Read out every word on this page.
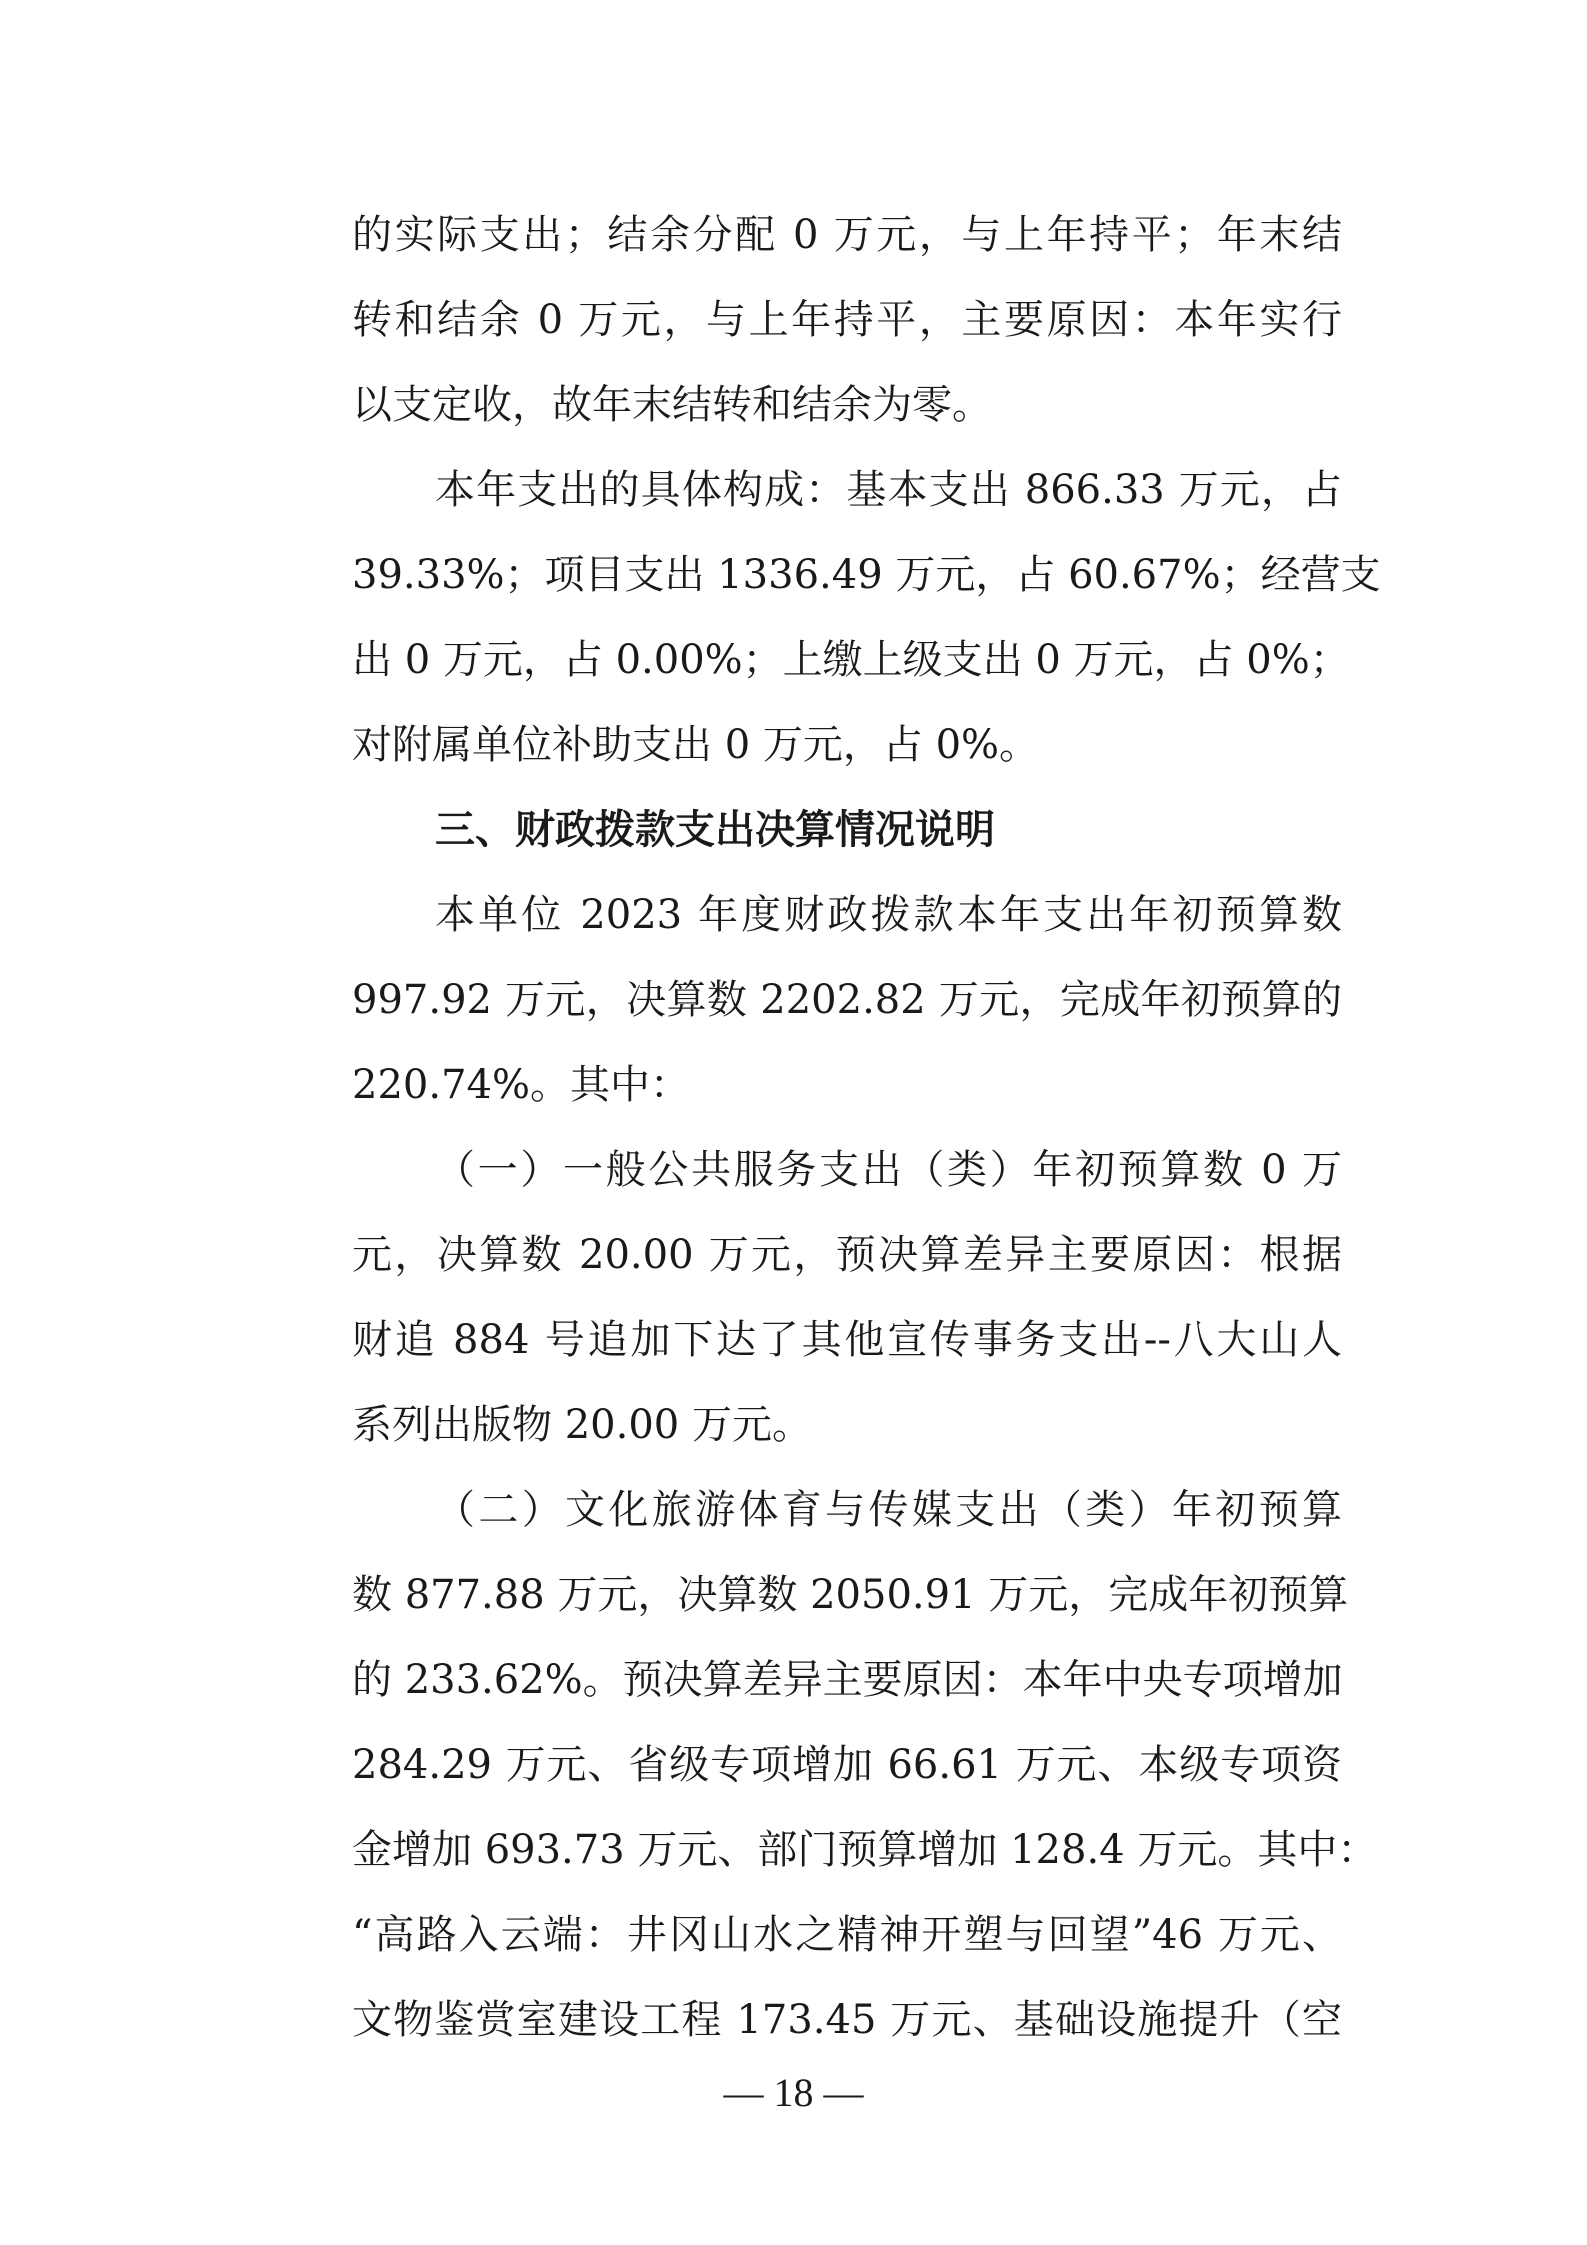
的实际支出；结余分配 0 万元，与上年持平；年末结
转和结余 0 万元，与上年持平，主要原因：本年实行
以支定收，故年末结转和结余为零。
本年支出的具体构成：基本支出 866.33 万元，占
39.33%；项目支出 1336.49 万元，占 60.67%；经营支
出 0 万元，占 0.00%；上缴上级支出 0 万元，占 0%；
对附属单位补助支出 0 万元，占 0%。
三、财政拨款支出决算情况说明
本单位 2023 年度财政拨款本年支出年初预算数
997.92 万元，决算数 2202.82 万元，完成年初预算的
220.74%。其中：
（一）一般公共服务支出（类）年初预算数 0 万
元，决算数 20.00 万元，预决算差异主要原因：根据
财追 884 号追加下达了其他宣传事务支出--八大山人
系列出版物 20.00 万元。
（二）文化旅游体育与传媒支出（类）年初预算
数 877.88 万元，决算数 2050.91 万元，完成年初预算
的 233.62%。预决算差异主要原因：本年中央专项增加
284.29 万元、省级专项增加 66.61 万元、本级专项资
金增加 693.73 万元、部门预算增加 128.4 万元。其中：
“高路入云端：井冈山水之精神开塑与回望”46 万元、
文物鉴赏室建设工程 173.45 万元、基础设施提升（空
— 18 —
